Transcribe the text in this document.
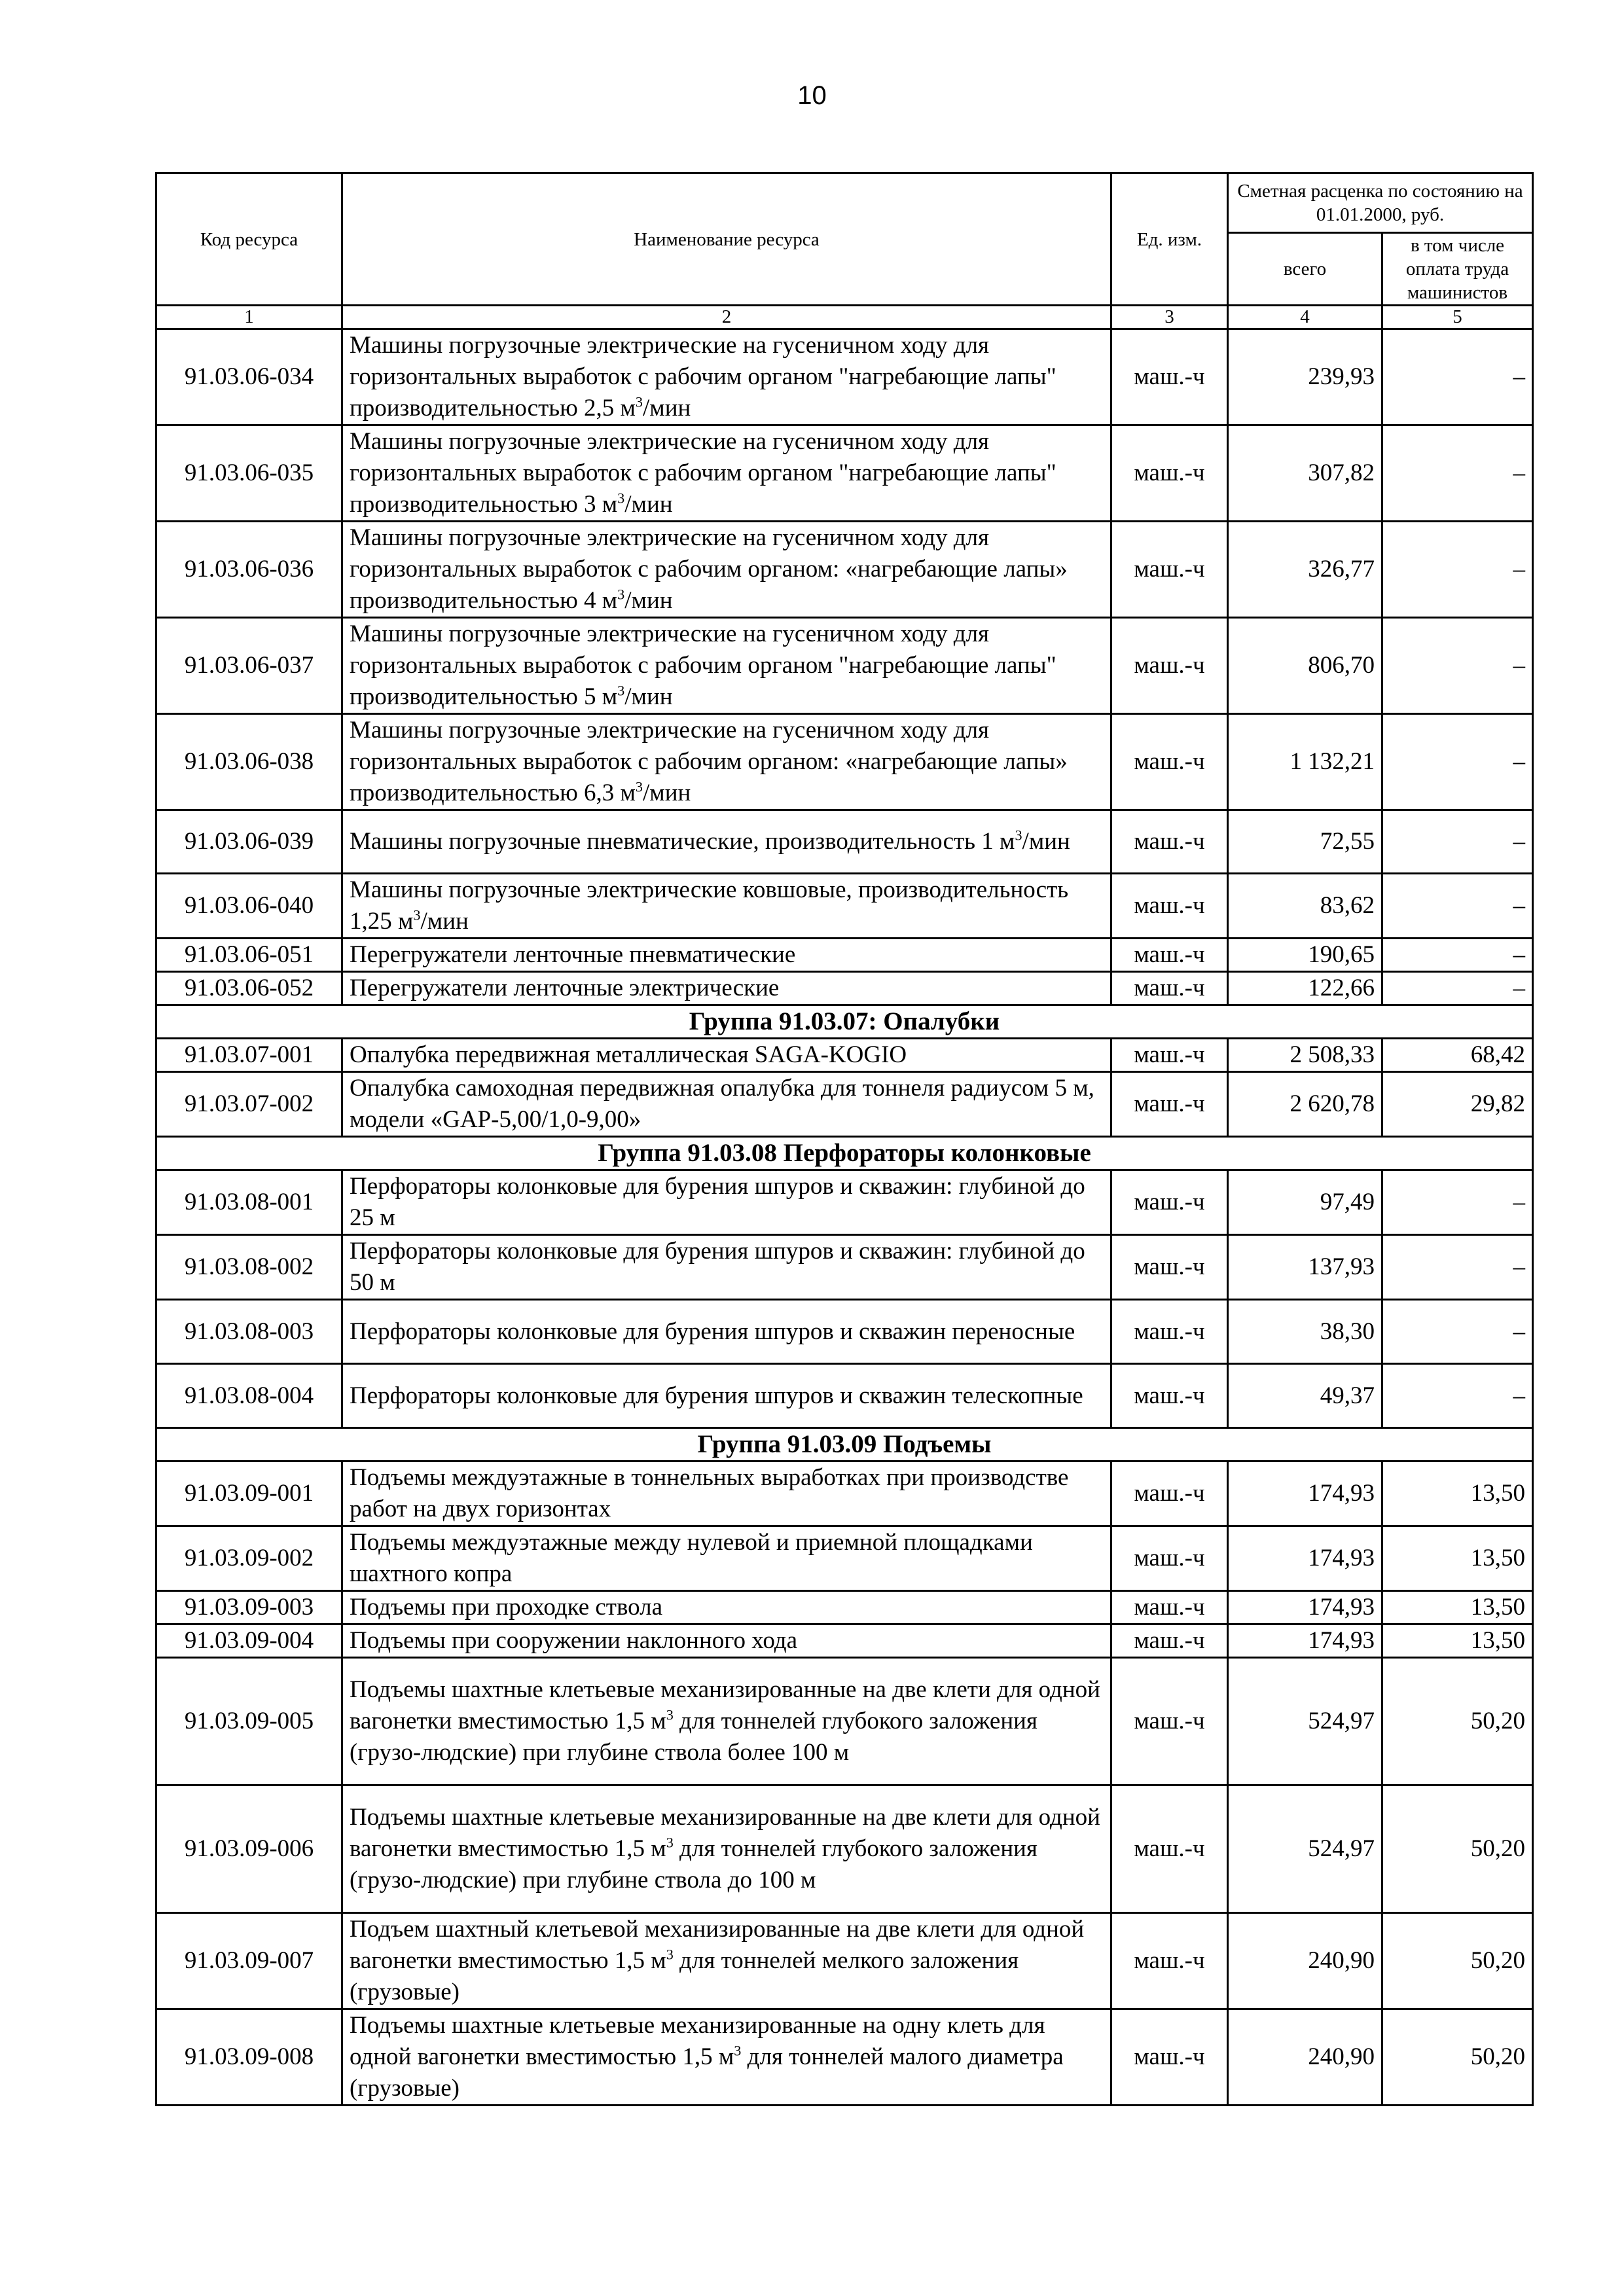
10
Код ресурса	Наименование ресурса	Ед. изм.	Сметная расценка по состоянию на 01.01.2000, руб.	
			всего	в том числе оплата труда машинистов
1	2	3	4	5
91.03.06-034	Машины погрузочные электрические на гусеничном ходу для горизонтальных выработок с рабочим органом "нагребающие лапы" производительностью 2,5 $м^3$/мин	маш.-ч	239,93	–
91.03.06-035	Машины погрузочные электрические на гусеничном ходу для горизонтальных выработок с рабочим органом "нагребающие лапы" производительностью 3 $м^3$/мин	маш.-ч	307,82	–
91.03.06-036	Машины погрузочные электрические на гусеничном ходу для горизонтальных выработок с рабочим органом: «нагребающие лапы» производительностью 4 $м^3$/мин	маш.-ч	326,77	–
91.03.06-037	Машины погрузочные электрические на гусеничном ходу для горизонтальных выработок с рабочим органом "нагребающие лапы" производительностью 5 $м^3$/мин	маш.-ч	806,70	–
91.03.06-038	Машины погрузочные электрические на гусеничном ходу для горизонтальных выработок с рабочим органом: «нагребающие лапы» производительностью 6,3 $м^3$/мин	маш.-ч	1 132,21	–
91.03.06-039	Машины погрузочные пневматические, производительность 1 $м^3$/мин	маш.-ч	72,55	–
91.03.06-040	Машины погрузочные электрические ковшовые, производительность 1,25 $м^3$/мин	маш.-ч	83,62	–
91.03.06-051	Перегружатели ленточные пневматические	маш.-ч	190,65	–
91.03.06-052	Перегружатели ленточные электрические	маш.-ч	122,66	–
Группа 91.03.07: Опалубки				
91.03.07-001	Опалубка передвижная металлическая SAGA-KOGIO	маш.-ч	2 508,33	68,42
91.03.07-002	Опалубка самоходная передвижная опалубка для тоннеля радиусом 5 м, модели «GAP-5,00/1,0-9,00»	маш.-ч	2 620,78	29,82
Группа 91.03.08 Перфораторы колонковые				
91.03.08-001	Перфораторы колонковые для бурения шпуров и скважин: глубиной до 25 м	маш.-ч	97,49	–
91.03.08-002	Перфораторы колонковые для бурения шпуров и скважин: глубиной до 50 м	маш.-ч	137,93	–
91.03.08-003	Перфораторы колонковые для бурения шпуров и скважин переносные	маш.-ч	38,30	–
91.03.08-004	Перфораторы колонковые для бурения шпуров и скважин телескопные	маш.-ч	49,37	–
Группа 91.03.09 Подъемы				
91.03.09-001	Подъемы междуэтажные в тоннельных выработках при производстве работ на двух горизонтах	маш.-ч	174,93	13,50
91.03.09-002	Подъемы междуэтажные между нулевой и приемной площадками шахтного копра	маш.-ч	174,93	13,50
91.03.09-003	Подъемы при проходке ствола	маш.-ч	174,93	13,50
91.03.09-004	Подъемы при сооружении наклонного хода	маш.-ч	174,93	13,50
91.03.09-005	Подъемы шахтные клетьевые механизированные на две клети для одной вагонетки вместимостью 1,5 $м^3$ для тоннелей глубокого заложения (грузо-людские) при глубине ствола более 100 м	маш.-ч	524,97	50,20
91.03.09-006	Подъемы шахтные клетьевые механизированные на две клети для одной вагонетки вместимостью 1,5 $м^3$ для тоннелей глубокого заложения (грузо-людские) при глубине ствола до 100 м	маш.-ч	524,97	50,20
91.03.09-007	Подъем шахтный клетьевой механизированные на две клети для одной вагонетки вместимостью 1,5 $м^3$ для тоннелей мелкого заложения (грузовые)	маш.-ч	240,90	50,20
91.03.09-008	Подъемы шахтные клетьевые механизированные на одну клеть для одной вагонетки вместимостью 1,5 $м^3$ для тоннелей малого диаметра (грузовые)	маш.-ч	240,90	50,20
